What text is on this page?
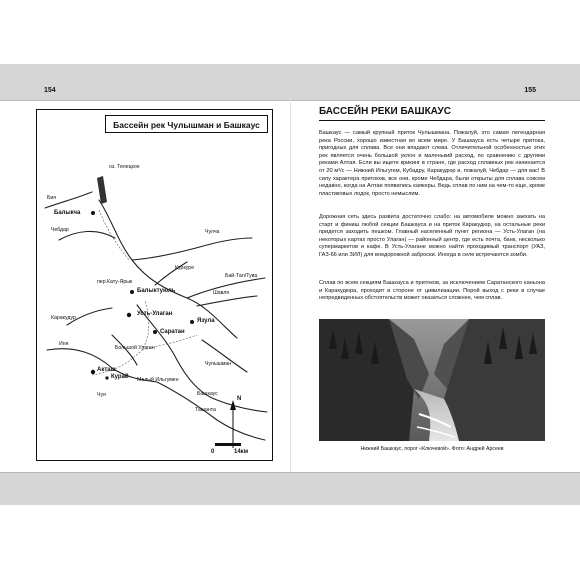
154	155
Бассейн рек Чулышман и Башкаус
оз. Телецкое
Бия
Балыкча
Чебдар	Чулча
Куркуре
Бай-Тал/Тува
пер.Кату-Ярык
Балыктуюль	Шавля
Усть-Улаган
Каракудур	Язула
Саратан
Чулышман
Иня
Большой Улаган
Акташ
Курай
Чуя
Малый Ильгумен
Башкаус
Ташанта
N
0	14км
БАССЕЙН РЕКИ БАШКАУС

Башкаус — самый крупный приток Чулышмана. Пожалуй, это самая легендарная река России, хорошо известная во всем мире. У Башкауса есть четыре притока, пригодных для сплава. Все они впадают слева. Отличительной особенностью этих рек является очень большой уклон и маленький расход, по сравнению с другими реками Алтая. Если вы ищете крикинг в стране, где расход сплавных рек начинается от 20 м³/с — Нижний Ильгугем, Кубадру, Каракудюр и, пожалуй, Чебдар — для вас! В силу характера притоков, все они, кроме Чебдара, были открыты для сплава совсем недавно, когда на Алтае появились каякеры. Ведь сплав по ним на чем-то еще, кроме пластиковых лодок, просто немыслим.

Дорожная сеть здесь развита достаточно слабо: на автомобиле можно заехать на старт и финиш любой секции Башкауса и на приток Каракудюр, на остальные реки придется заходить пешком. Главный населенный пункт региона — Усть-Улаган (на некоторых картах просто Улаган) — районный центр, где есть почта, банк, несколько супермаркетов и кафе. В Усть-Улагане можно найти проходимый транспорт (УАЗ, ГАЗ-66 или ЗИЛ) для внедорожной заброски. Иногда в селе встречаются зомби.

Сплав по всем секциям Башкауса и притоков, за исключением Саратанского каньона и Каракудюра, проходит в стороне от цивилизации. Порой выход с реки в случае непредвиденных обстоятельств может оказаться сложнее, чем сплав.

Нижний Башкаус, порог «Ключевой». Фото: Андрей Арсеев
